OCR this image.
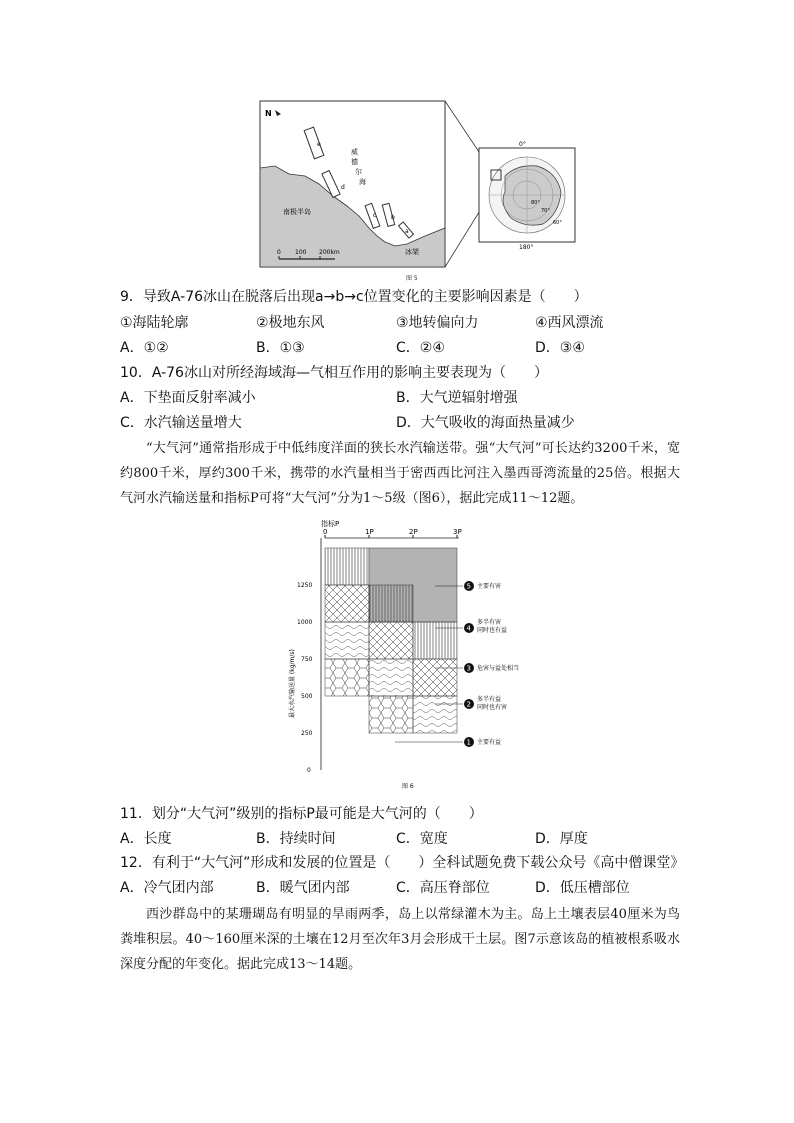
N
威
德
尔
海
南极半岛
冰架
e
d
c b
a
0 100 200km
0°
180°
80°
70°
60°
图 5
9．导致A-76冰山在脱落后出现a→b→c位置变化的主要影响因素是（　　）
①海陆轮廓	②极地东风	③地转偏向力	④西风漂流
A．①②	B．①③	C．②④	D．③④
10．A-76冰山对所经海域海—气相互作用的影响主要表现为（　　）
A．下垫面反射率减小	B．大气逆辐射增强
C．水汽输送量增大	D．大气吸收的海面热量减少
“大气河”通常指形成于中低纬度洋面的狭长水汽输送带。强“大气河”可长达约3200千米，宽约800千米，厚约300千米，携带的水汽量相当于密西西比河注入墨西哥湾流量的25倍。根据大气河水汽输送量和指标P可将“大气河”分为1～5级（图6），据此完成11～12题。
指标P
0	1P	2P	3P
1250
1000
750
500
250
0
最大水汽输送量 (kg/m/s)
5 主要有害
4
多半有害
同时也有益
3 危害与益处相当
2
多半有益
同时也有害
1 主要有益
图 6
11．划分“大气河”级别的指标P最可能是大气河的（　　）
A．长度	B．持续时间	C．宽度	D．厚度
12．有利于“大气河”形成和发展的位置是（　　）全科试题免费下载公众号《高中僧课堂》
A．冷气团内部	B．暖气团内部	C．高压脊部位	D．低压槽部位
西沙群岛中的某珊瑚岛有明显的旱雨两季，岛上以常绿灌木为主。岛上土壤表层40厘米为鸟粪堆积层。40～160厘米深的土壤在12月至次年3月会形成干土层。图7示意该岛的植被根系吸水深度分配的年变化。据此完成13～14题。
